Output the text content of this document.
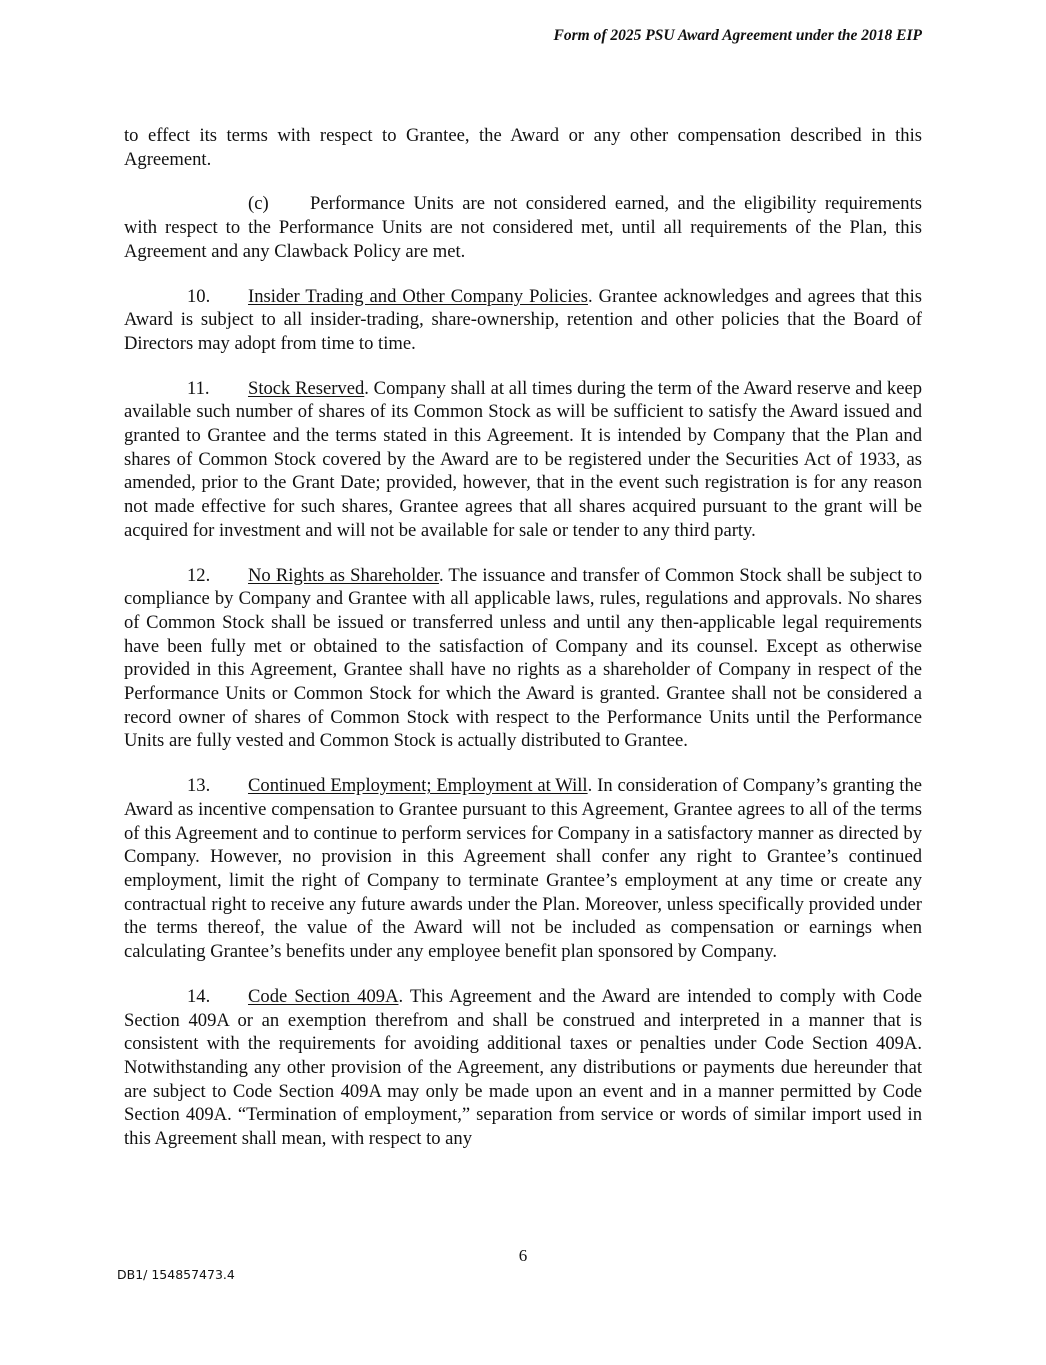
Form of 2025 PSU Award Agreement under the 2018 EIP

to effect its terms with respect to Grantee, the Award or any other compensation described in this Agreement.

(c) Performance Units are not considered earned, and the eligibility requirements with respect to the Performance Units are not considered met, until all requirements of the Plan, this Agreement and any Clawback Policy are met.

10. Insider Trading and Other Company Policies. Grantee acknowledges and agrees that this Award is subject to all insider-trading, share-ownership, retention and other policies that the Board of Directors may adopt from time to time.

11. Stock Reserved. Company shall at all times during the term of the Award reserve and keep available such number of shares of its Common Stock as will be sufficient to satisfy the Award issued and granted to Grantee and the terms stated in this Agreement. It is intended by Company that the Plan and shares of Common Stock covered by the Award are to be registered under the Securities Act of 1933, as amended, prior to the Grant Date; provided, however, that in the event such registration is for any reason not made effective for such shares, Grantee agrees that all shares acquired pursuant to the grant will be acquired for investment and will not be available for sale or tender to any third party.

12. No Rights as Shareholder. The issuance and transfer of Common Stock shall be subject to compliance by Company and Grantee with all applicable laws, rules, regulations and approvals. No shares of Common Stock shall be issued or transferred unless and until any then-applicable legal requirements have been fully met or obtained to the satisfaction of Company and its counsel. Except as otherwise provided in this Agreement, Grantee shall have no rights as a shareholder of Company in respect of the Performance Units or Common Stock for which the Award is granted. Grantee shall not be considered a record owner of shares of Common Stock with respect to the Performance Units until the Performance Units are fully vested and Common Stock is actually distributed to Grantee.

13. Continued Employment; Employment at Will. In consideration of Company’s granting the Award as incentive compensation to Grantee pursuant to this Agreement, Grantee agrees to all of the terms of this Agreement and to continue to perform services for Company in a satisfactory manner as directed by Company. However, no provision in this Agreement shall confer any right to Grantee’s continued employment, limit the right of Company to terminate Grantee’s employment at any time or create any contractual right to receive any future awards under the Plan. Moreover, unless specifically provided under the terms thereof, the value of the Award will not be included as compensation or earnings when calculating Grantee’s benefits under any employee benefit plan sponsored by Company.

14. Code Section 409A. This Agreement and the Award are intended to comply with Code Section 409A or an exemption therefrom and shall be construed and interpreted in a manner that is consistent with the requirements for avoiding additional taxes or penalties under Code Section 409A. Notwithstanding any other provision of the Agreement, any distributions or payments due hereunder that are subject to Code Section 409A may only be made upon an event and in a manner permitted by Code Section 409A. “Termination of employment,” separation from service or words of similar import used in this Agreement shall mean, with respect to any

6
DB1/ 154857473.4
